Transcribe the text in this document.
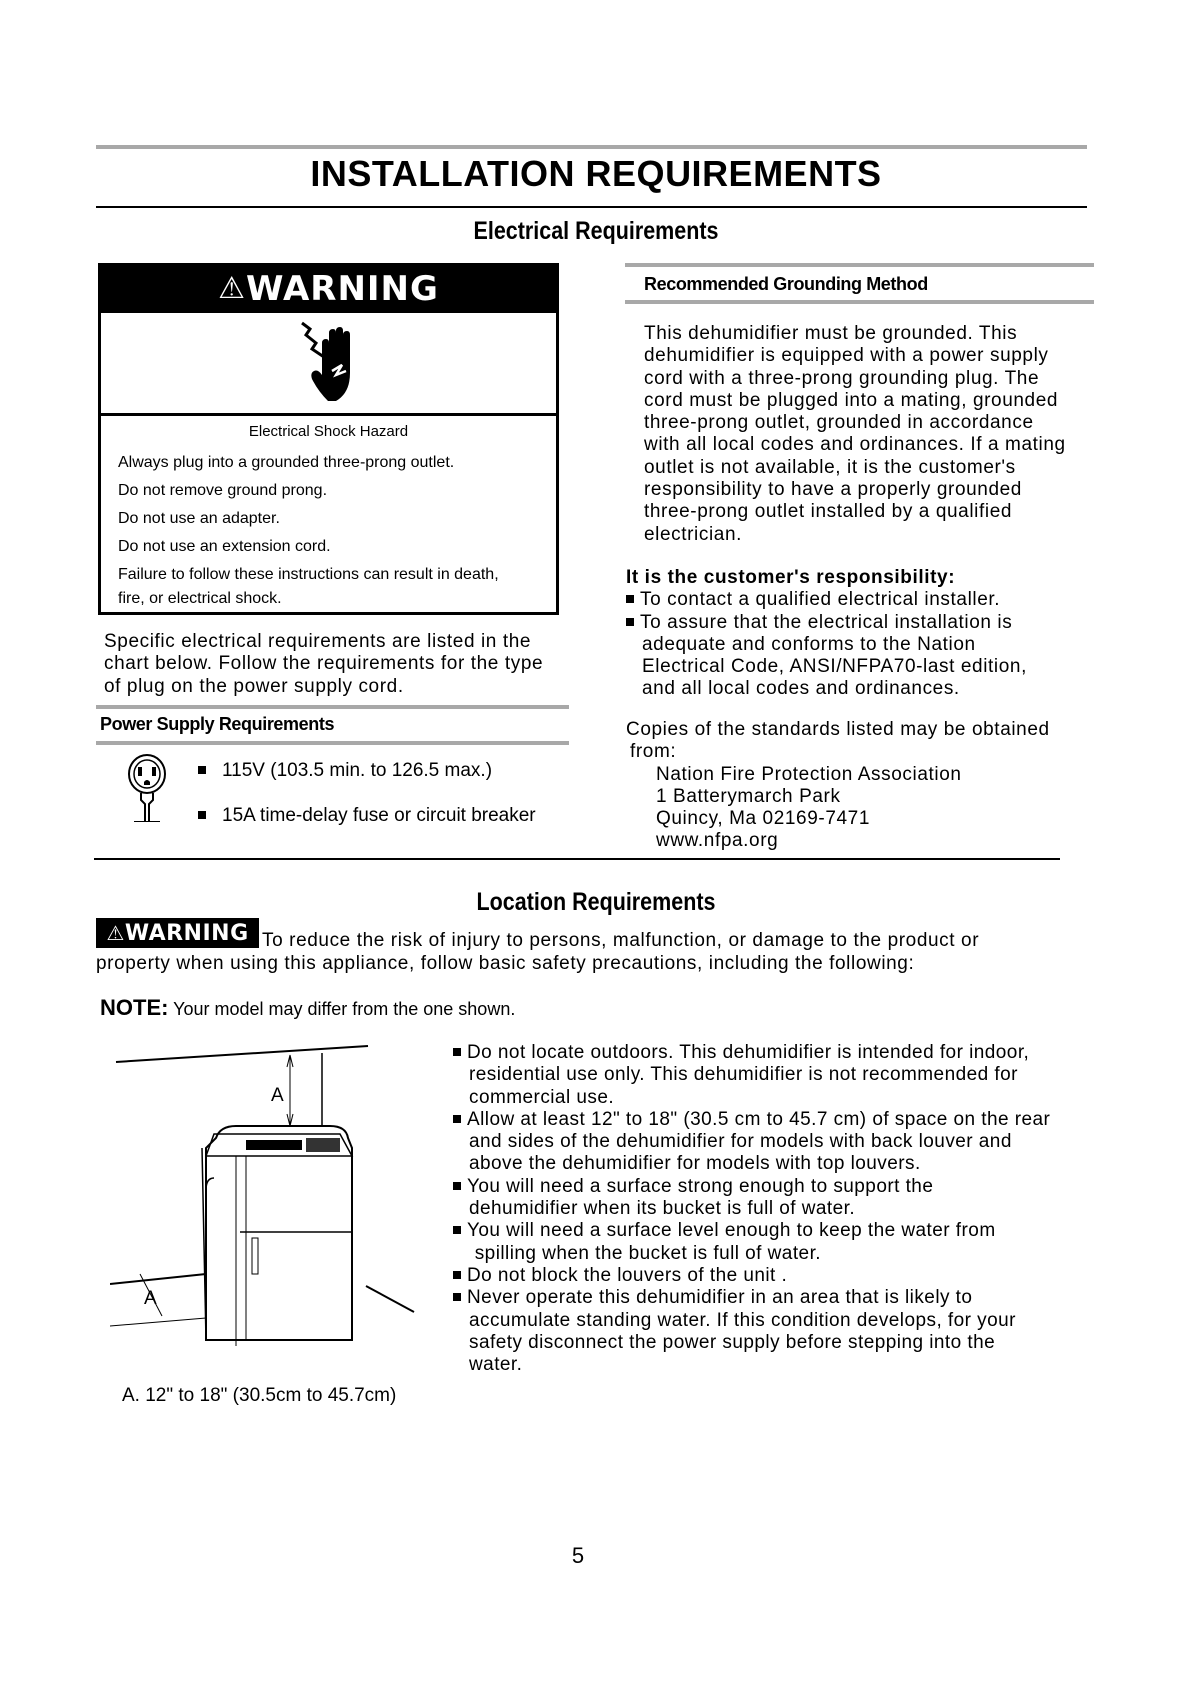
INSTALLATION REQUIREMENTS
Electrical Requirements
⚠WARNING
Electrical Shock Hazard
Always plug into a grounded three-prong outlet.
Do not remove ground prong.
Do not use an adapter.
Do not use an extension cord.
Failure to follow these instructions can result in death,
fire, or electrical shock.
Specific electrical requirements are listed in the
chart below. Follow the requirements for the type
of plug on the power supply cord.
Power Supply Requirements
115V (103.5 min. to 126.5 max.)
15A time-delay fuse or circuit breaker
Recommended Grounding Method
This dehumidifier must be grounded. This
dehumidifier is equipped with a power supply
cord with a three-prong grounding plug. The
cord must be plugged into a mating, grounded
three-prong outlet, grounded in accordance
with all local codes and ordinances. If a mating
outlet is not available, it is the customer's
responsibility to have a properly grounded
three-prong outlet installed by a qualified
electrician.
It is the customer's responsibility:
To contact a qualified electrical installer.
To assure that the electrical installation is
adequate and conforms to the Nation
Electrical Code, ANSI/NFPA70-last edition,
and all local codes and ordinances.
Copies of the standards listed may be obtained
from:
Nation Fire Protection Association
1 Batterymarch Park
Quincy, Ma 02169-7471
www.nfpa.org
Location Requirements
⚠WARNING To reduce the risk of injury to persons, malfunction, or damage to the product or
property when using this appliance, follow basic safety precautions, including the following:
NOTE: Your model may differ from the one shown.
A
A
A. 12" to 18" (30.5cm to 45.7cm)
Do not locate outdoors. This dehumidifier is intended for indoor,
residential use only. This dehumidifier is not recommended for
commercial use.
Allow at least 12" to 18" (30.5 cm to 45.7 cm) of space on the rear
and sides of the dehumidifier for models with back louver and
above the dehumidifier for models with top louvers.
You will need a surface strong enough to support the
dehumidifier when its bucket is full of water.
You will need a surface level enough to keep the water from
spilling when the bucket is full of water.
Do not block the louvers of the unit .
Never operate this dehumidifier in an area that is likely to
accumulate standing water. If this condition develops, for your
safety disconnect the power supply before stepping into the
water.
5
